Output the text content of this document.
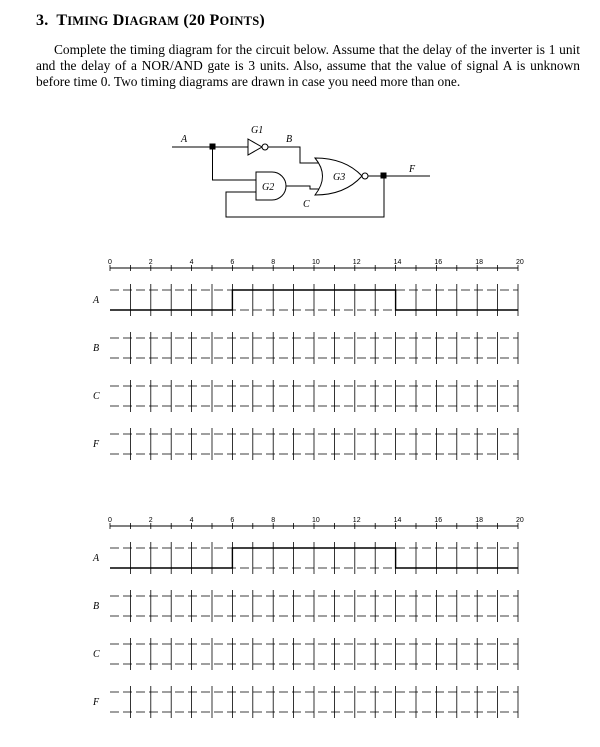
3. TIMING DIAGRAM (20 POINTS)
Complete the timing diagram for the circuit below. Assume that the delay of the inverter is 1 unit and the delay of a NOR/AND gate is 3 units. Also, assume that the value of signal A is unknown before time 0. Two timing diagrams are drawn in case you need more than one.
A
G1
B
G2
C
G3
F
0	2	4	6	8	10	12	14	16	18	20
A
B
C
F
0	2	4	6	8	10	12	14	16	18	20
A
B
C
F
